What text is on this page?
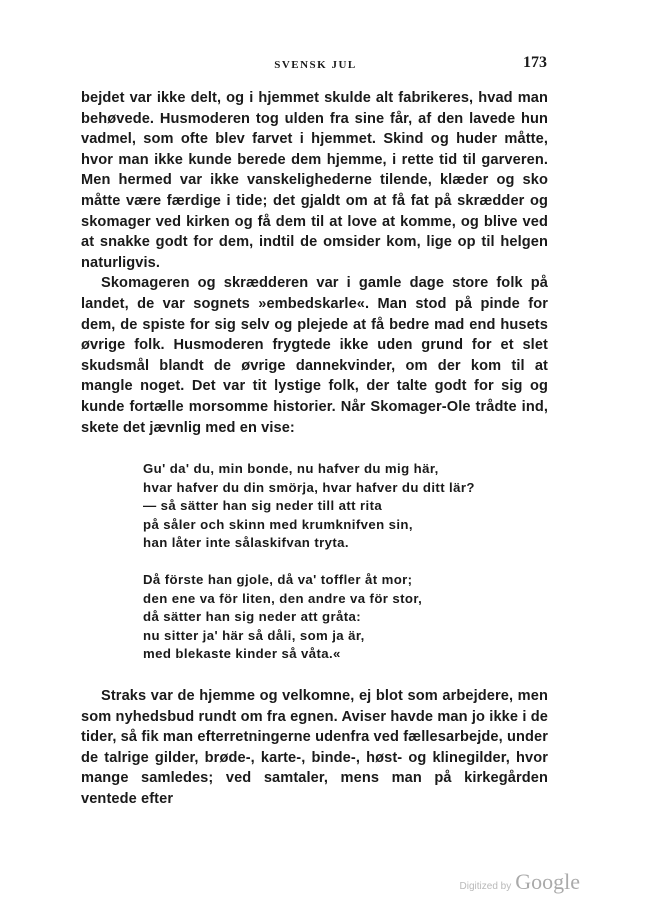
SVENSK JUL	173

bejdet var ikke delt, og i hjemmet skulde alt fabrikeres, hvad man behøvede. Husmoderen tog ulden fra sine får, af den lavede hun vadmel, som ofte blev farvet i hjemmet. Skind og huder måtte, hvor man ikke kunde berede dem hjemme, i rette tid til garveren. Men hermed var ikke vanskelighederne tilende, klæder og sko måtte være færdige i tide; det gjaldt om at få fat på skrædder og skomager ved kirken og få dem til at love at komme, og blive ved at snakke godt for dem, indtil de omsider kom, lige op til helgen naturligvis.

Skomageren og skrædderen var i gamle dage store folk på landet, de var sognets »embedskarle«. Man stod på pinde for dem, de spiste for sig selv og plejede at få bedre mad end husets øvrige folk. Husmoderen frygtede ikke uden grund for et slet skudsmål blandt de øvrige dannekvinder, om der kom til at mangle noget. Det var tit lystige folk, der talte godt for sig og kunde fortælle morsomme historier. Når Skomager-Ole trådte ind, skete det jævnlig med en vise:

Gu' da' du, min bonde, nu hafver du mig här,
hvar hafver du din smörja, hvar hafver du ditt lär?
— så sätter han sig neder till att rita
på såler och skinn med krumknifven sin,
han låter inte sålaskifvan tryta.
Då förste han gjole, då va' toffler åt mor;
den ene va för liten, den andre va för stor,
då sätter han sig neder att gråta:
nu sitter ja' här så dåli, som ja är,
med blekaste kinder så våta.«

Straks var de hjemme og velkomne, ej blot som arbejdere, men som nyhedsbud rundt om fra egnen. Aviser havde man jo ikke i de tider, så fik man efterretningerne udenfra ved fællesarbejde, under de talrige gilder, brøde-, karte-, binde-, høst- og klinegilder, hvor mange samledes; ved samtaler, mens man på kirkegården ventede efter

Digitized by Google
